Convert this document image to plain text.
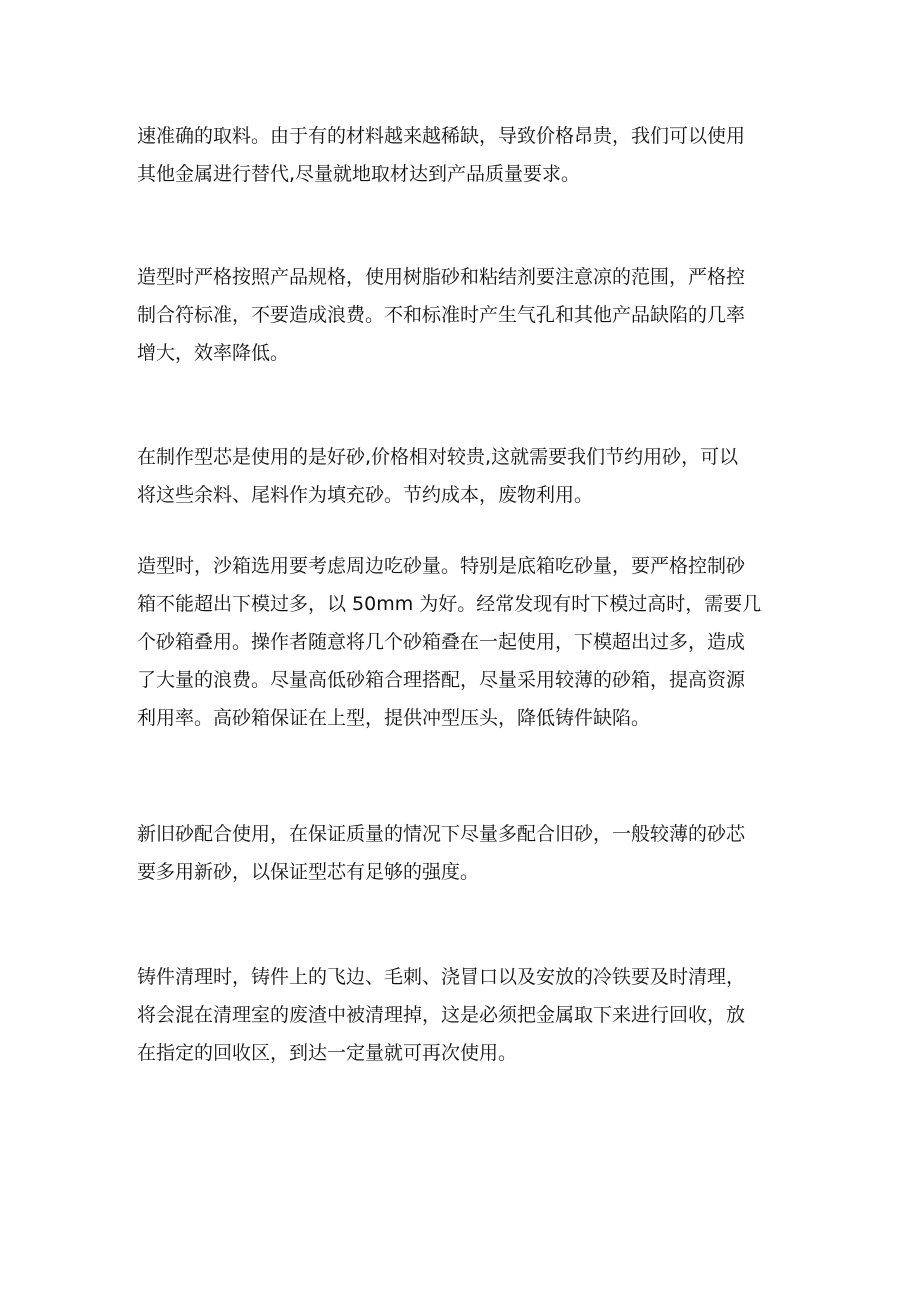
速准确的取料。由于有的材料越来越稀缺，导致价格昂贵，我们可以使用
其他金属进行替代,尽量就地取材达到产品质量要求。

造型时严格按照产品规格，使用树脂砂和粘结剂要注意凉的范围，严格控
制合符标准，不要造成浪费。不和标准时产生气孔和其他产品缺陷的几率
增大，效率降低。

在制作型芯是使用的是好砂,价格相对较贵,这就需要我们节约用砂，可以
将这些余料、尾料作为填充砂。节约成本，废物利用。

造型时，沙箱选用要考虑周边吃砂量。特别是底箱吃砂量，要严格控制砂
箱不能超出下模过多，以 50mm 为好。经常发现有时下模过高时，需要几
个砂箱叠用。操作者随意将几个砂箱叠在一起使用，下模超出过多，造成
了大量的浪费。尽量高低砂箱合理搭配，尽量采用较薄的砂箱，提高资源
利用率。高砂箱保证在上型，提供冲型压头，降低铸件缺陷。

新旧砂配合使用，在保证质量的情况下尽量多配合旧砂，一般较薄的砂芯
要多用新砂，以保证型芯有足够的强度。

铸件清理时，铸件上的飞边、毛刺、浇冒口以及安放的冷铁要及时清理，
将会混在清理室的废渣中被清理掉，这是必须把金属取下来进行回收，放
在指定的回收区，到达一定量就可再次使用。
